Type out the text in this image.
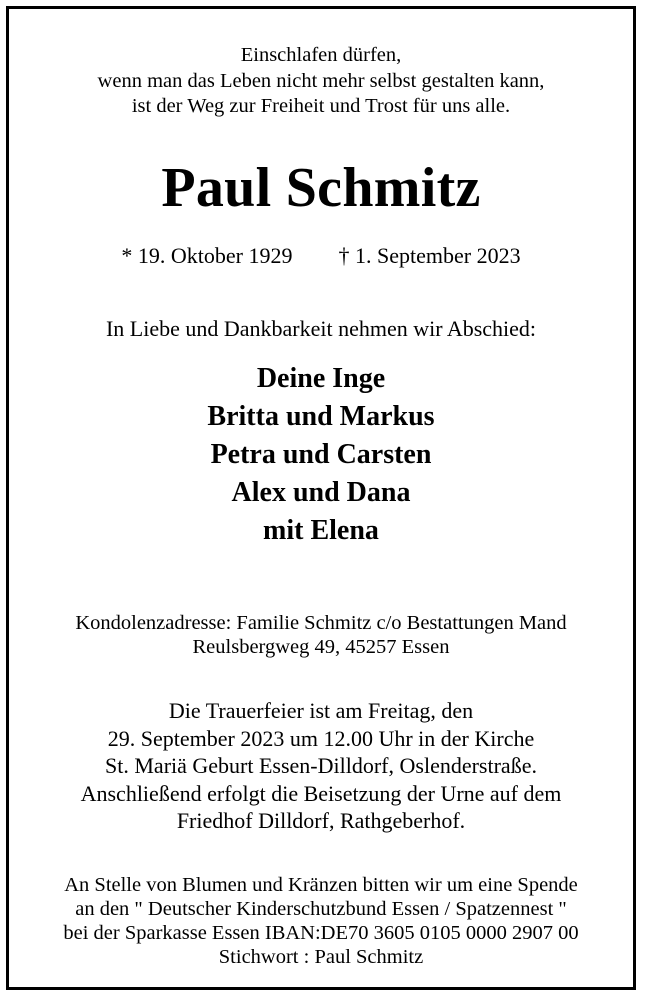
Einschlafen dürfen,
wenn man das Leben nicht mehr selbst gestalten kann,
ist der Weg zur Freiheit und Trost für uns alle.
Paul Schmitz
* 19. Oktober 1929 † 1. September 2023
In Liebe und Dankbarkeit nehmen wir Abschied:
Deine Inge
Britta und Markus
Petra und Carsten
Alex und Dana
mit Elena
Kondolenzadresse: Familie Schmitz c/o Bestattungen Mand
Reulsbergweg 49, 45257 Essen
Die Trauerfeier ist am Freitag, den
29. September 2023 um 12.00 Uhr in der Kirche
St. Mariä Geburt Essen-Dilldorf, Oslenderstraße.
Anschließend erfolgt die Beisetzung der Urne auf dem
Friedhof Dilldorf, Rathgeberhof.
An Stelle von Blumen und Kränzen bitten wir um eine Spende
an den " Deutscher Kinderschutzbund Essen / Spatzennest "
bei der Sparkasse Essen IBAN:DE70 3605 0105 0000 2907 00
Stichwort : Paul Schmitz
